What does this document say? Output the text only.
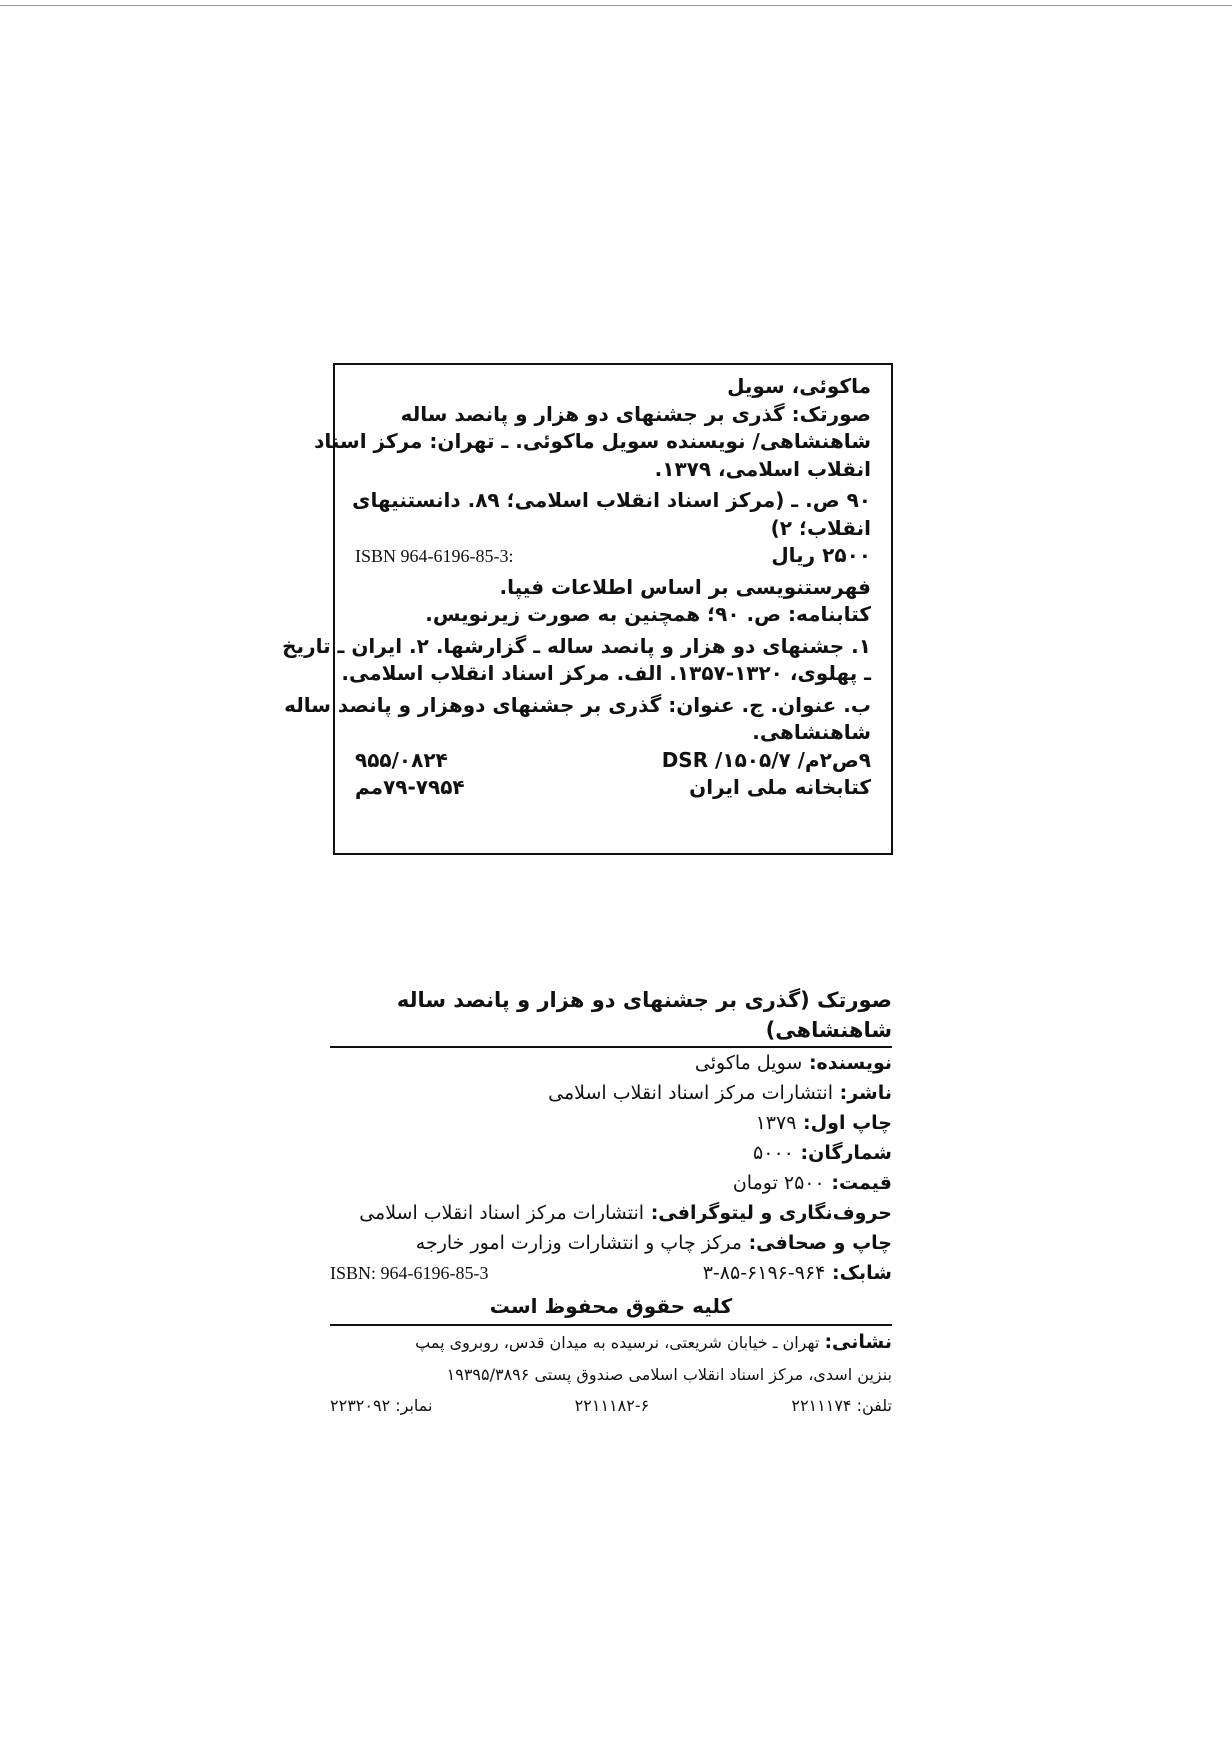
ماکوئی، سویل
صورتک: گذری بر جشنهای دو هزار و پانصد ساله
شاهنشاهی/ نویسنده سویل ماکوئی. ـ تهران: مرکز اسناد
انقلاب اسلامی، ۱۳۷۹.
۹۰ ص. ـ (مرکز اسناد انقلاب اسلامی؛ ۸۹. دانستنیهای
انقلاب؛ ۲)
۲۵۰۰ ریال
ISBN 964-6196-85-3:
فهرستنویسی بر اساس اطلاعات فیپا.
کتابنامه: ص. ۹۰؛ همچنین به صورت زیرنویس.
۱. جشنهای دو هزار و پانصد ساله ـ گزارشها. ۲. ایران ـ تاریخ
ـ پهلوی، ۱۳۲۰-۱۳۵۷. الف. مرکز اسناد انقلاب اسلامی.
ب. عنوان. ج. عنوان: گذری بر جشنهای دوهزار و پانصد ساله
شاهنشاهی.
۹ص۲م/ ۱۵۰۵/۷/ DSR
۹۵۵/۰۸۲۴
کتابخانه ملی ایران
۷۹-۷۹۵۴مم
صورتک (گذری بر جشنهای دو هزار و پانصد ساله شاهنشاهی)
نویسنده: سویل ماکوئی
ناشر: انتشارات مرکز اسناد انقلاب اسلامی
چاپ اول: ۱۳۷۹
شمارگان: ۵۰۰۰
قیمت: ۲۵۰۰ تومان
حروف‌نگاری و لیتوگرافی: انتشارات مرکز اسناد انقلاب اسلامی
چاپ و صحافی: مرکز چاپ و انتشارات وزارت امور خارجه
شابک: ۹۶۴-۶۱۹۶-۸۵-۳
ISBN: 964-6196-85-3
کلیه حقوق محفوظ است
نشانی: تهران ـ خیابان شریعتی، نرسیده به میدان قدس، روبروی پمپ
بنزین اسدی، مرکز اسناد انقلاب اسلامی صندوق پستی ۱۹۳۹۵/۳۸۹۶
تلفن: ۲۲۱۱۱۷۴
۲۲۱۱۱۸۲-۶
نمابر: ۲۲۳۲۰۹۲
